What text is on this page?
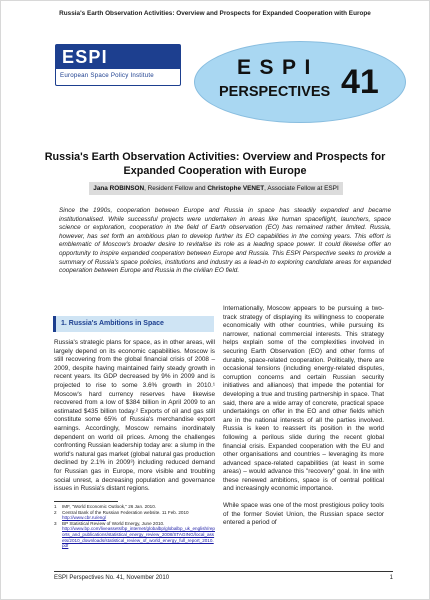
Russia's Earth Observation Activities: Overview and Prospects for Expanded Cooperation with Europe
ESPI
European Space Policy Institute	ESPI
PERSPECTIVES 41
Russia's Earth Observation Activities: Overview and Prospects for Expanded Cooperation with Europe
Jana ROBINSON, Resident Fellow and Christophe VENET, Associate Fellow at ESPI

Since the 1990s, cooperation between Europe and Russia in space has steadily expanded and became institutionalised. While successful projects were undertaken in areas like human spaceflight, launchers, space science or exploration, cooperation in the field of Earth observation (EO) has remained rather limited. Russia, however, has set forth an ambitious plan to develop further its EO capabilities in the coming years. This effort is emblematic of Moscow's broader desire to revitalise its role as a leading space power. It could likewise offer an opportunity to inspire expanded cooperation between Europe and Russia. This ESPI Perspective seeks to provide a summary of Russia's space policies, institutions and industry as a lead-in to exploring candidate areas for expanded cooperation between Europe and Russia in the civilian EO field.

1. Russia's Ambitions in Space

Russia's strategic plans for space, as in other areas, will largely depend on its economic capabilities. Moscow is still recovering from the global financial crisis of 2008 – 2009, despite having maintained fairly steady growth in recent years. Its GDP decreased by 9% in 2009 and is projected to rise to some 3.6% growth in 2010.¹ Moscow's hard currency reserves have likewise recovered from a low of $384 billion in April 2009 to an estimated $435 billion today.² Exports of oil and gas still constitute some 65% of Russia's merchandise export earnings. Accordingly, Moscow remains inordinately dependent on world oil prices. Among the challenges confronting Russian leadership today are: a slump in the world's natural gas market (global natural gas production declined by 2.1% in 2009³) including reduced demand for Russian gas in Europe, more visible and troubling social unrest, a decreasing population and governance issues in Russia's distant regions.

Internationally, Moscow appears to be pursuing a two-track strategy of displaying its willingness to cooperate economically with other countries, while pursuing its narrower, national commercial interests. This strategy helps explain some of the complexities involved in securing Earth Observation (EO) and other forms of durable, space-related cooperation. Politically, there are occasional tensions (including energy-related disputes, corruption concerns and certain Russian security initiatives and alliances) that impede the potential for developing a true and trusting partnership in space. That said, there are a wide array of concrete, practical space undertakings on offer in the EO and other fields which are in the national interests of all the parties involved. Russia is keen to reassert its position in the world following a perilous slide during the recent global financial crisis. Expanded cooperation with the EU and other organisations and countries – leveraging its more advanced space-related capabilities (at least in some areas) – would advance this "recovery" goal. In line with these renewed ambitions, space is of central political and increasingly economic importance.

While space was one of the most prestigious policy tools of the former Soviet Union, the Russian space sector entered a period of

1	IMF, "World Economic Outlook," 26 Jan. 2010.
2	Central Bank of the Russian Federation website. 11 Feb. 2010
http://www.cbr.ru/eng/
3	BP Statistical Review of World Energy, June 2010.
http://www.bp.com/liveassets/bp_internet/globalbp/globalbp_uk_english/reports_and_publications/statistical_energy_review_2008/STAGING/local_assets/2010_downloads/statistical_review_of_world_energy_full_report_2010.pdf
ESPI Perspectives No. 41, November 2010	1
